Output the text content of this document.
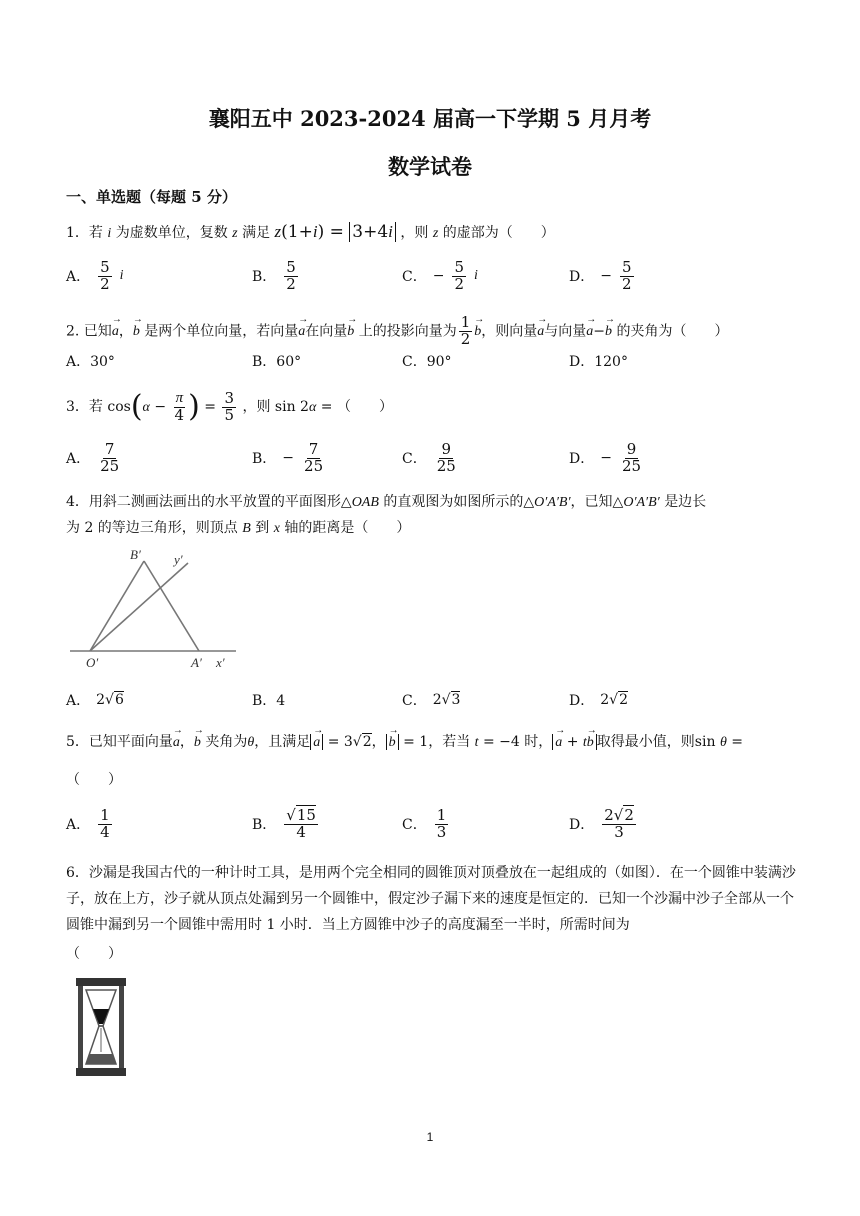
襄阳五中 2023-2024 届高一下学期 5 月月考
数学试卷
一、单选题（每题 5 分）
1．若 i 为虚数单位，复数 z 满足 z(1+i) = 3+4i ，则 z 的虚部为（　　）
A． $\frac{5}{2}$ i	B． $\frac{5}{2}$	C． − $\frac{5}{2}$ i	D． − $\frac{5}{2}$
2. 已知→ a，→ b 是两个单位向量，若向量→ a在向量→ b 上的投影向量为 $\frac{1}{2}$
→ b，则向量→ a与向量→ a−→ b 的夹角为（　　）
A．30°	B．60°	C．90°	D．120°
3．若 $\cos(\alpha - \frac{\pi}{4}$ ) = $\frac{3}{5}$ ，则 sin 2α = （　　）
A． $\frac{7}{25}$	B． − $\frac{7}{25}$	C． $\frac{9}{25}$	D． − $\frac{9}{25}$
4．用斜二测画法画出的水平放置的平面图形△OAB 的直观图为如图所示的△O′A′B′，已知△O′A′B′ 是边长
为 2 的等边三角形，则顶点 B 到 x 轴的距离是（　　）
B′	y′
O′	A′ x′
A． 2√6	B．4	C． 2√3	D． 2√2
5．已知平面向量→ a，→ b 夹角为θ，且满足→ a = 3√2，→ b = 1，若当 t = −4 时，→ a + t→ b 取得最小值，则sin θ =
（　　）
A． $\frac{1}{4}$	B． $\frac{√15}{4}$	C． $\frac{1}{3}$	D． $\frac{2√2}{3}$
6．沙漏是我国古代的一种计时工具，是用两个完全相同的圆锥顶对顶叠放在一起组成的（如图）．在一个圆锥中装满沙子，放在上方，沙子就从顶点处漏到另一个圆锥中，假定沙子漏下来的速度是恒定的．已知一个沙漏中沙子全部从一个圆锥中漏到另一个圆锥中需用时 1 小时．当上方圆锥中沙子的高度漏至一半时，所需时间为
（　　）
1
